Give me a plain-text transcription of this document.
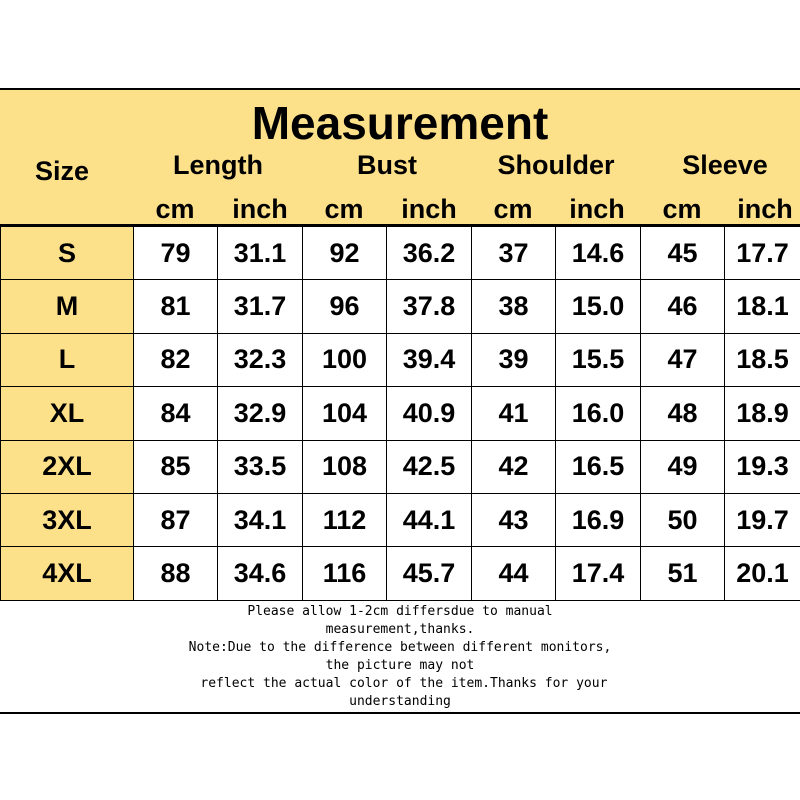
Measurement
Size	Length	Bust	Shoulder	Sleeve
cm	inch	cm	inch	cm	inch	cm	inch
S	79	31.1	92	36.2	37	14.6	45	17.7
M	81	31.7	96	37.8	38	15.0	46	18.1
L	82	32.3	100	39.4	39	15.5	47	18.5
XL	84	32.9	104	40.9	41	16.0	48	18.9
2XL	85	33.5	108	42.5	42	16.5	49	19.3
3XL	87	34.1	112	44.1	43	16.9	50	19.7
4XL	88	34.6	116	45.7	44	17.4	51	20.1
Please allow 1-2cm differsdue to manual
measurement,thanks.
Note:Due to the difference between different monitors,
the picture may not
reflect the actual color of the item.Thanks for your
understanding
